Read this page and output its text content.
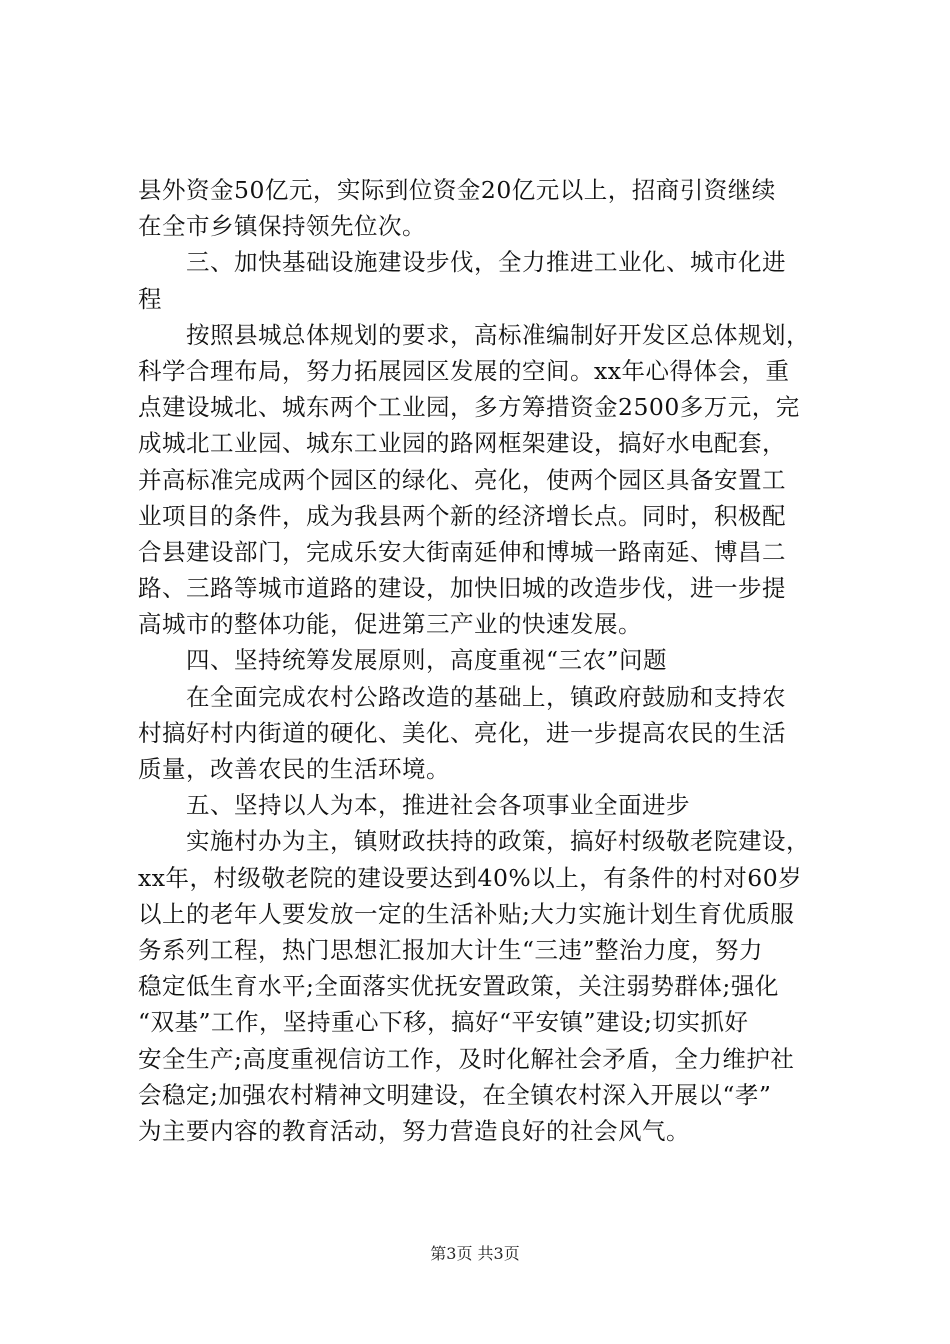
县外资金50亿元，实际到位资金20亿元以上，招商引资继续
在全市乡镇保持领先位次。
三、加快基础设施建设步伐，全力推进工业化、城市化进
程
按照县城总体规划的要求，高标准编制好开发区总体规划，
科学合理布局，努力拓展园区发展的空间。xx年心得体会，重
点建设城北、城东两个工业园，多方筹措资金2500多万元，完
成城北工业园、城东工业园的路网框架建设，搞好水电配套，
并高标准完成两个园区的绿化、亮化，使两个园区具备安置工
业项目的条件，成为我县两个新的经济增长点。同时，积极配
合县建设部门，完成乐安大街南延伸和博城一路南延、博昌二
路、三路等城市道路的建设，加快旧城的改造步伐，进一步提
高城市的整体功能，促进第三产业的快速发展。
四、坚持统筹发展原则，高度重视“三农”问题
在全面完成农村公路改造的基础上，镇政府鼓励和支持农
村搞好村内街道的硬化、美化、亮化，进一步提高农民的生活
质量，改善农民的生活环境。
五、坚持以人为本，推进社会各项事业全面进步
实施村办为主，镇财政扶持的政策，搞好村级敬老院建设，
xx年，村级敬老院的建设要达到40%以上，有条件的村对60岁
以上的老年人要发放一定的生活补贴;大力实施计划生育优质服
务系列工程，热门思想汇报加大计生“三违”整治力度，努力
稳定低生育水平;全面落实优抚安置政策，关注弱势群体;强化
“双基”工作，坚持重心下移，搞好“平安镇”建设;切实抓好
安全生产;高度重视信访工作，及时化解社会矛盾，全力维护社
会稳定;加强农村精神文明建设，在全镇农村深入开展以“孝”
为主要内容的教育活动，努力营造良好的社会风气。
第3页 共3页
